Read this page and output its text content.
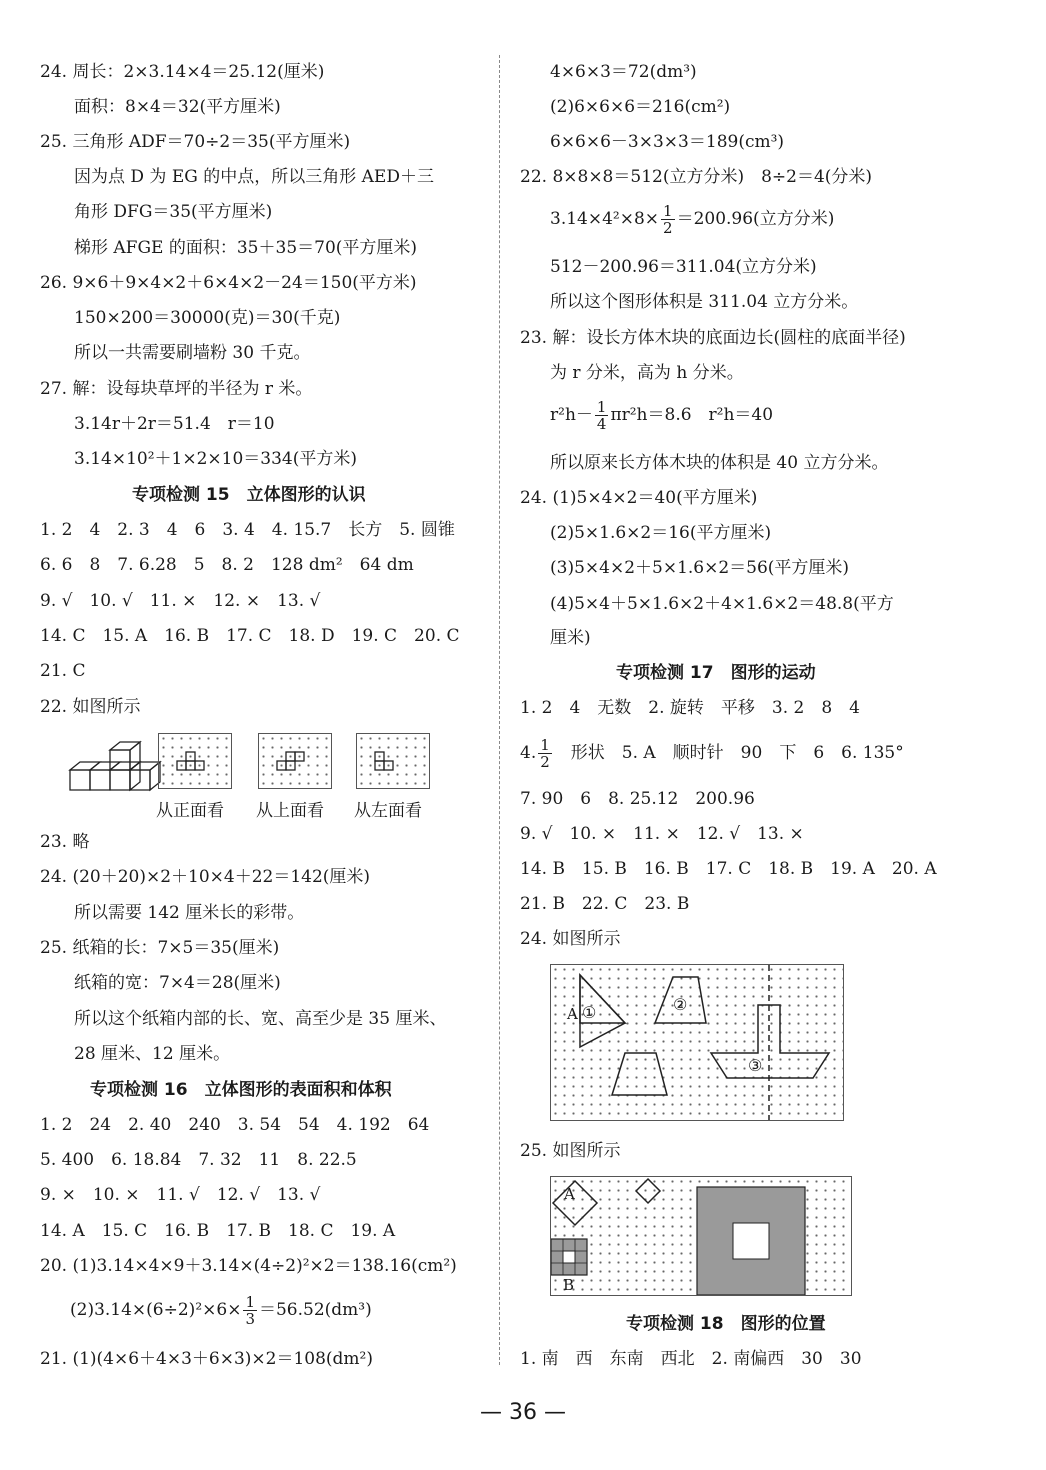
24. 周长：2×3.14×4＝25.12(厘米)
面积：8×4＝32(平方厘米)
25. 三角形 ADF＝70÷2＝35(平方厘米)
因为点 D 为 EG 的中点，所以三角形 AED＋三
角形 DFG＝35(平方厘米)
梯形 AFGE 的面积：35＋35＝70(平方厘米)
26. 9×6＋9×4×2＋6×4×2－24＝150(平方米)
150×200＝30000(克)＝30(千克)
所以一共需要刷墙粉 30 千克。
27. 解：设每块草坪的半径为 r 米。
3.14r＋2r＝51.4　r＝10
3.14×10²＋1×2×10＝334(平方米)
专项检测 15　立体图形的认识
1. 2　4　2. 3　4　6　3. 4　4. 15.7　长方　5. 圆锥
6. 6　8　7. 6.28　5　8. 2　128 dm²　64 dm
9. √　10. √　11. ×　12. ×　13. √
14. C　15. A　16. B　17. C　18. D　19. C　20. C
21. C
22. 如图所示
从正面看 从上面看 从左面看
23. 略
24. (20＋20)×2＋10×4＋22＝142(厘米)
所以需要 142 厘米长的彩带。
25. 纸箱的长：7×5＝35(厘米)
纸箱的宽：7×4＝28(厘米)
所以这个纸箱内部的长、宽、高至少是 35 厘米、
28 厘米、12 厘米。
专项检测 16　立体图形的表面积和体积
1. 2　24　2. 40　240　3. 54　54　4. 192　64
5. 400　6. 18.84　7. 32　11　8. 22.5
9. ×　10. ×　11. √　12. √　13. √
14. A　15. C　16. B　17. B　18. C　19. A
20. (1)3.14×4×9＋3.14×(4÷2)²×2＝138.16(cm²)
$(2)3.14\times(6\div 2)^2\times 6\times \frac{1}{3} =56.52(dm^3)$
21. (1)(4×6＋4×3＋6×3)×2＝108(dm²)
4×6×3＝72(dm³)
(2)6×6×6＝216(cm²)
6×6×6－3×3×3＝189(cm³)
22. 8×8×8＝512(立方分米)　8÷2＝4(分米)
$3.14\times 4^2\times 8\times \frac{1}{2} =200.96$(立方分米)
512－200.96＝311.04(立方分米)
所以这个图形体积是 311.04 立方分米。
23. 解：设长方体木块的底面边长(圆柱的底面半径)
为 r 分米，高为 h 分米。
$r^2h- \frac{1}{4} \pi r^2h=8.6$　r²h＝40
所以原来长方体木块的体积是 40 立方分米。
24. (1)5×4×2＝40(平方厘米)
(2)5×1.6×2＝16(平方厘米)
(3)5×4×2＋5×1.6×2＝56(平方厘米)
(4)5×4＋5×1.6×2＋4×1.6×2＝48.8(平方
厘米)
专项检测 17　图形的运动
1. 2　4　无数　2. 旋转　平移　3. 2　8　4
4. $\frac{1}{2}$
　 形状　5. A　顺时针　90　下　6　6. 135°
7. 90　6　8. 25.12　200.96
9. √　10. ×　11. ×　12. √　13. ×
14. B　15. B　16. B　17. C　18. B　19. A　20. A
21. B　22. C　23. B
24. 如图所示
A ①	②
③
25. 如图所示
A
B
专项检测 18　图形的位置
1. 南　西　东南　西北　2. 南偏西　30　30
— 36 —
